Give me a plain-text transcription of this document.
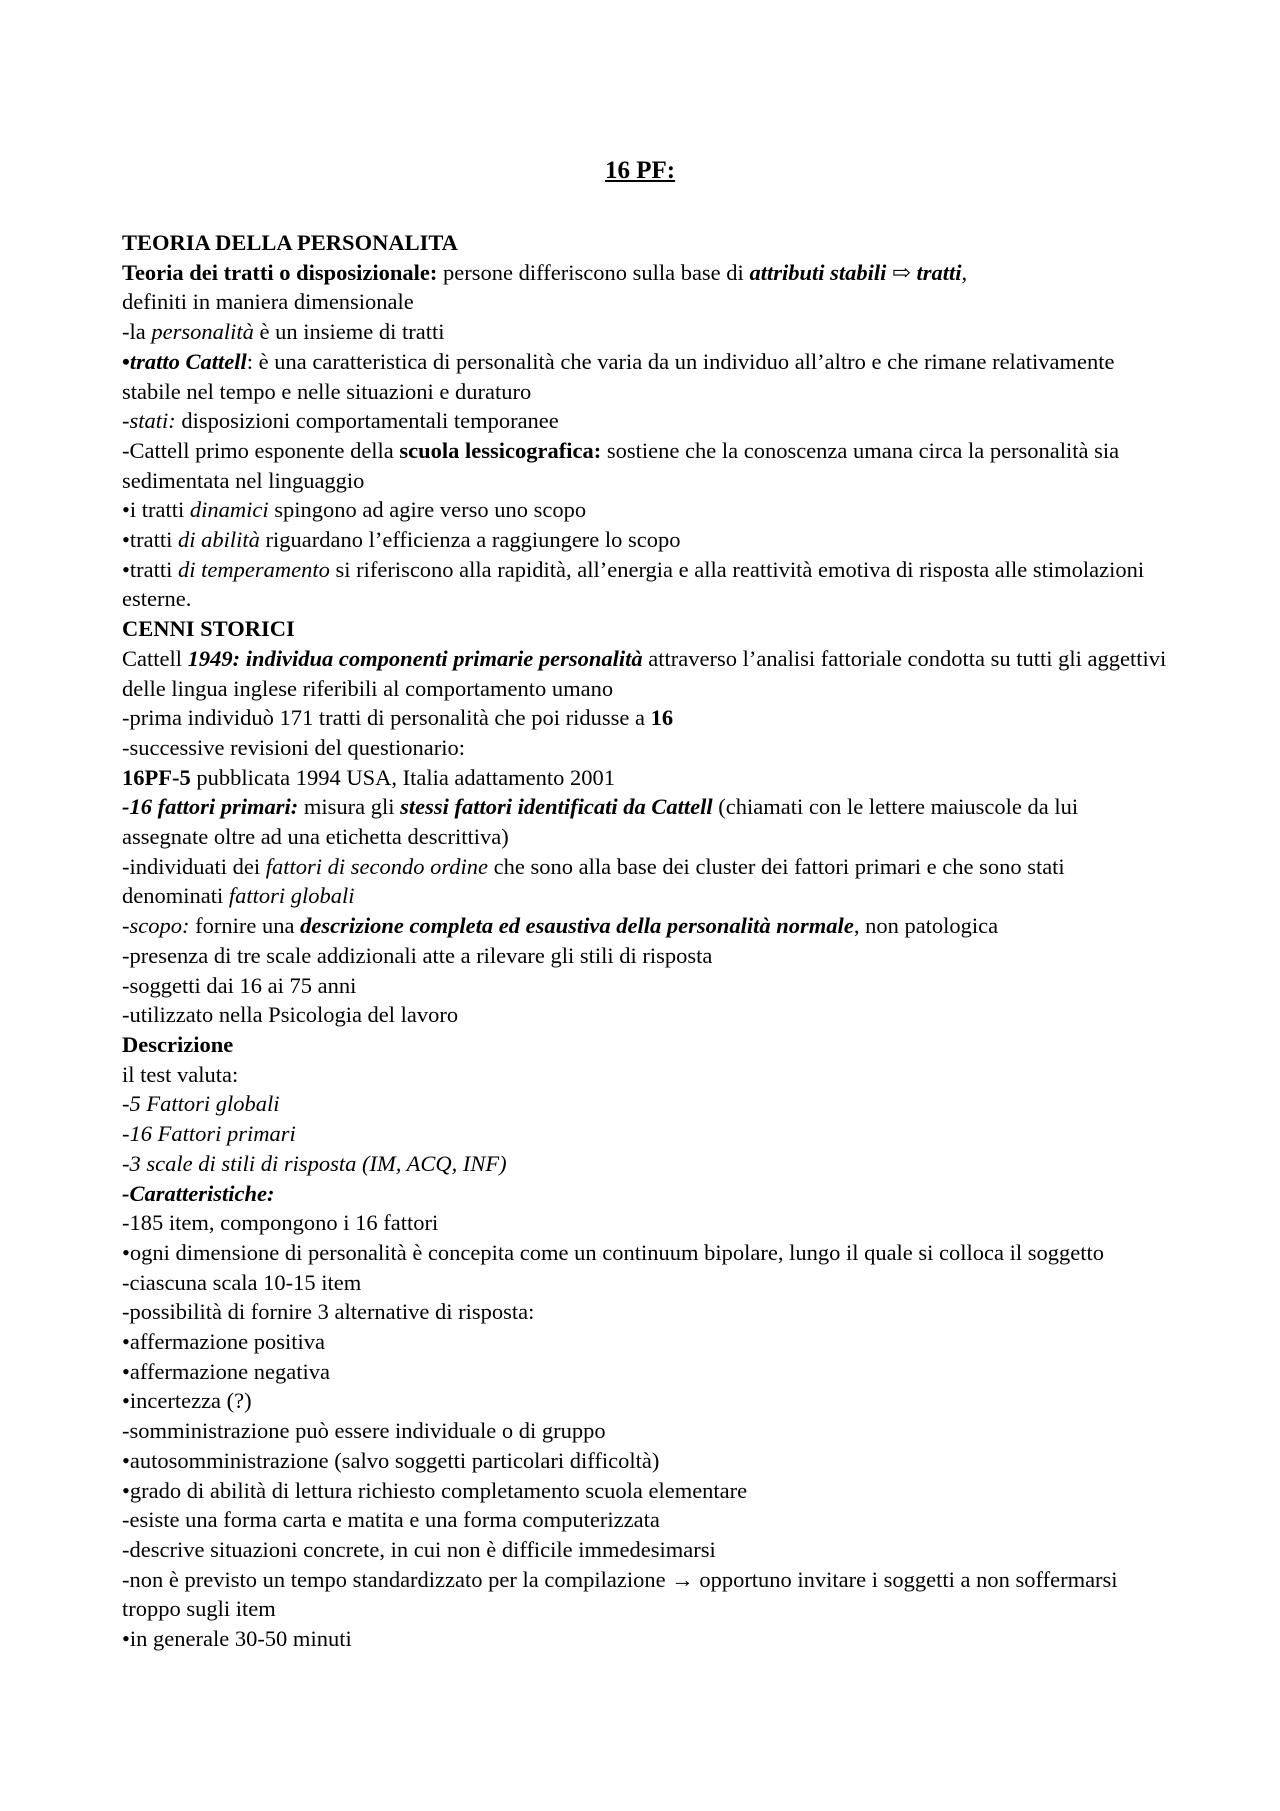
16 PF:

TEORIA DELLA PERSONALITA

Teoria dei tratti o disposizionale: persone differiscono sulla base di attributi stabili ⇨ tratti,

definiti in maniera dimensionale

-la personalità è un insieme di tratti

•tratto Cattell: è una caratteristica di personalità che varia da un individuo all’altro e che rimane relativamente stabile nel tempo e nelle situazioni e duraturo

-stati: disposizioni comportamentali temporanee

-Cattell primo esponente della scuola lessicografica: sostiene che la conoscenza umana circa la personalità sia sedimentata nel linguaggio

•i tratti dinamici spingono ad agire verso uno scopo

•tratti di abilità riguardano l’efficienza a raggiungere lo scopo

•tratti di temperamento si riferiscono alla rapidità, all’energia e alla reattività emotiva di risposta alle stimolazioni esterne.

CENNI STORICI

Cattell 1949: individua componenti primarie personalità attraverso l’analisi fattoriale condotta su tutti gli aggettivi delle lingua inglese riferibili al comportamento umano

-prima individuò 171 tratti di personalità che poi ridusse a 16

-successive revisioni del questionario:

16PF-5 pubblicata 1994 USA, Italia adattamento 2001

-16 fattori primari: misura gli stessi fattori identificati da Cattell (chiamati con le lettere maiuscole da lui assegnate oltre ad una etichetta descrittiva)

-individuati dei fattori di secondo ordine che sono alla base dei cluster dei fattori primari e che sono stati denominati fattori globali

-scopo: fornire una descrizione completa ed esaustiva della personalità normale, non patologica

-presenza di tre scale addizionali atte a rilevare gli stili di risposta

-soggetti dai 16 ai 75 anni

-utilizzato nella Psicologia del lavoro

Descrizione

il test valuta:

-5 Fattori globali

-16 Fattori primari

-3 scale di stili di risposta (IM, ACQ, INF)

-Caratteristiche:

-185 item, compongono i 16 fattori

•ogni dimensione di personalità è concepita come un continuum bipolare, lungo il quale si colloca il soggetto

-ciascuna scala 10-15 item

-possibilità di fornire 3 alternative di risposta:

•affermazione positiva

•affermazione negativa

•incertezza (?)

-somministrazione può essere individuale o di gruppo

•autosomministrazione (salvo soggetti particolari difficoltà)

•grado di abilità di lettura richiesto completamento scuola elementare

-esiste una forma carta e matita e una forma computerizzata

-descrive situazioni concrete, in cui non è difficile immedesimarsi

-non è previsto un tempo standardizzato per la compilazione → opportuno invitare i soggetti a non soffermarsi troppo sugli item

•in generale 30-50 minuti
